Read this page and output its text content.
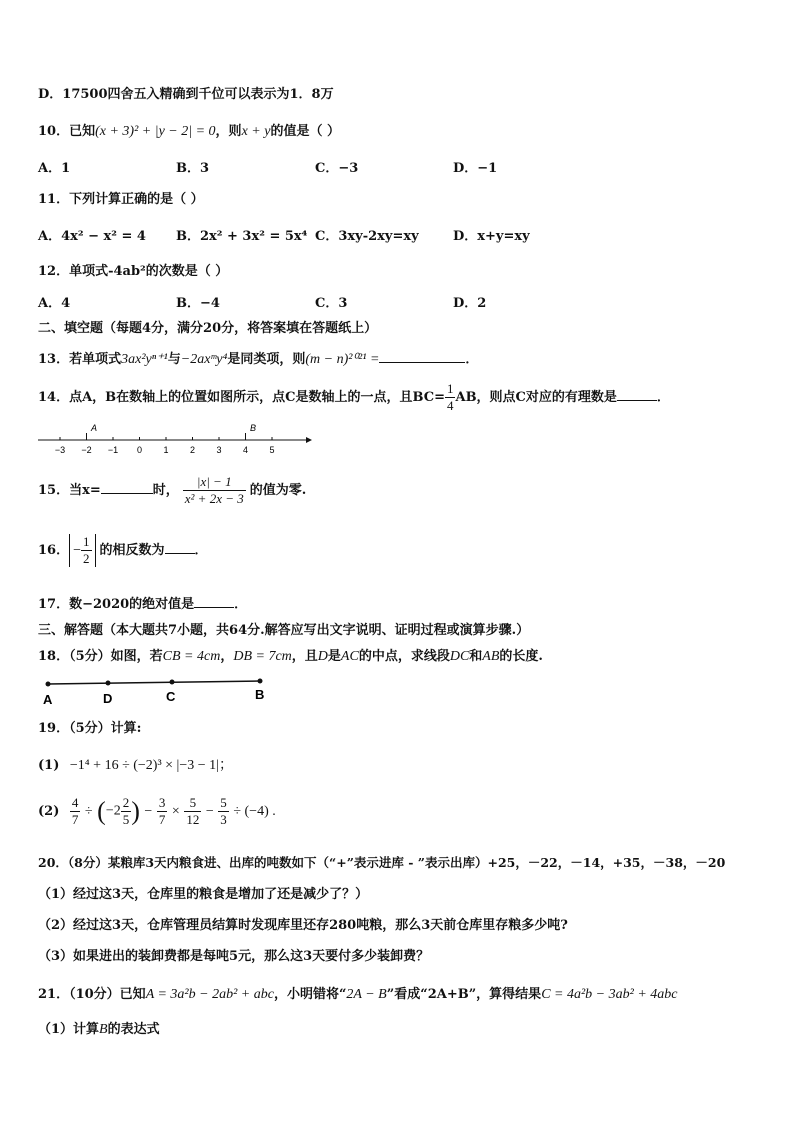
D．17500四舍五入精确到千位可以表示为1．8万
10．已知(x + 3)² + |y − 2| = 0，则x + y的值是（ ）
A．1	B．3	C．−3	D．−1
11．下列计算正确的是（ ）
A．4x² − x² = 4 B．2x² + 3x² = 5x⁴ C．3xy-2xy=xy	D．x+y=xy
12．单项式-4ab²的次数是（ ）
A．4	B．−4	C．3	D．2
二、填空题（每题4分，满分20分，将答案填在答题纸上）
13．若单项式3ax²yⁿ⁺¹与−2axᵐy⁴是同类项，则(m − n)²⁰²¹ =	．
14．点A，B在数轴上的位置如图所示，点C是数轴上的一点，且$BC= \frac{1}{4}$ AB，则点C对应的有理数是	．
−3 −2 −1 0 1 2 3 4 5
A	B
15．当x=	时， $\frac{|x| - 1}{\text{x² + 2x − 3}}$ 的值为零.
16． − $\frac{1}{2}$ 的相反数为 ．
17．数−2020的绝对值是	．
三、解答题（本大题共7小题，共64分.解答应写出文字说明、证明过程或演算步骤.）
18．（5分）如图，若CB = 4cm，DB = 7cm，且D是AC的中点，求线段DC和AB的长度.
A	D	C	B
19．（5分）计算:
(1) −1⁴ + 16 ÷ (−2)³ × |−3 − 1|；
$(2) \frac{4}{7} \div (-2 \frac{2}{5}$ ) − $\frac{3}{7} \times \frac{5}{12} - \frac{5}{3} \div (-4)$ .
20．（8分）某粮库3天内粮食进、出库的吨数如下（“+”表示进库 - ”表示出库）+25，－22，－14，+35，－38，－20
（1）经过这3天，仓库里的粮食是增加了还是减少了？）
（2）经过这3天，仓库管理员结算时发现库里还存280吨粮，那么3天前仓库里存粮多少吨?
（3）如果进出的装卸费都是每吨5元，那么这3天要付多少装卸费？
21．（10分）已知A = 3a²b − 2ab² + abc，小明错将“2A − B”看成“2A+B”，算得结果C = 4a²b − 3ab² + 4abc
（1）计算B的表达式
